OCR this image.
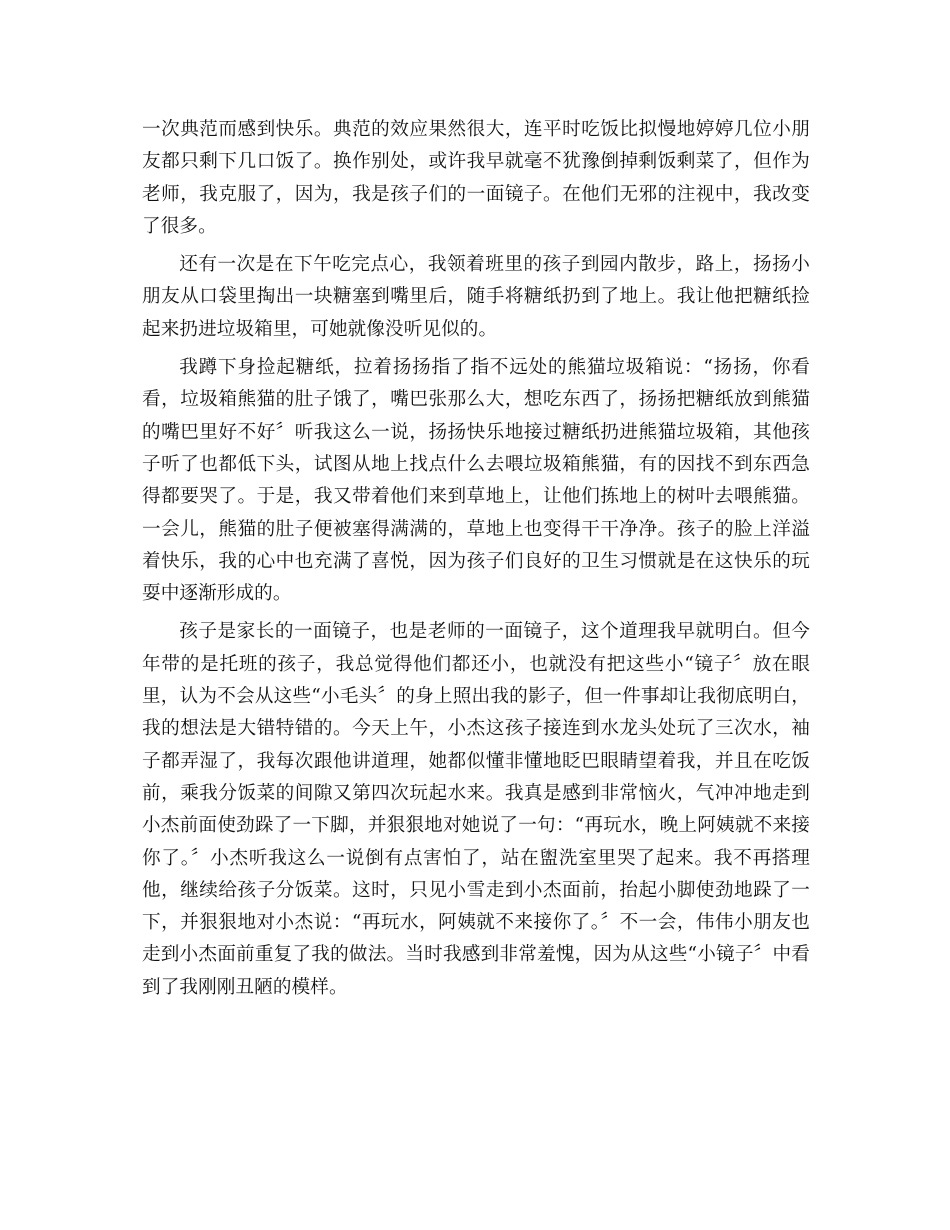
一次典范而感到快乐。典范的效应果然很大，连平时吃饭比拟慢地婷婷几位小朋友都只剩下几口饭了。换作别处，或许我早就毫不犹豫倒掉剩饭剩菜了，但作为老师，我克服了，因为，我是孩子们的一面镜子。在他们无邪的注视中，我改变了很多。

还有一次是在下午吃完点心，我领着班里的孩子到园内散步，路上，扬扬小朋友从口袋里掏出一块糖塞到嘴里后，随手将糖纸扔到了地上。我让他把糖纸捡起来扔进垃圾箱里，可她就像没听见似的。

我蹲下身捡起糖纸，拉着扬扬指了指不远处的熊猫垃圾箱说：“扬扬，你看看，垃圾箱熊猫的肚子饿了，嘴巴张那么大，想吃东西了，扬扬把糖纸放到熊猫的嘴巴里好不好〞听我这么一说，扬扬快乐地接过糖纸扔进熊猫垃圾箱，其他孩子听了也都低下头，试图从地上找点什么去喂垃圾箱熊猫，有的因找不到东西急得都要哭了。于是，我又带着他们来到草地上，让他们拣地上的树叶去喂熊猫。一会儿，熊猫的肚子便被塞得满满的，草地上也变得干干净净。孩子的脸上洋溢着快乐，我的心中也充满了喜悦，因为孩子们良好的卫生习惯就是在这快乐的玩耍中逐渐形成的。

孩子是家长的一面镜子，也是老师的一面镜子，这个道理我早就明白。但今年带的是托班的孩子，我总觉得他们都还小，也就没有把这些小“镜子〞放在眼里，认为不会从这些“小毛头〞的身上照出我的影子，但一件事却让我彻底明白，我的想法是大错特错的。今天上午，小杰这孩子接连到水龙头处玩了三次水，袖子都弄湿了，我每次跟他讲道理，她都似懂非懂地眨巴眼睛望着我，并且在吃饭前，乘我分饭菜的间隙又第四次玩起水来。我真是感到非常恼火，气冲冲地走到小杰前面使劲跺了一下脚，并狠狠地对她说了一句：“再玩水，晚上阿姨就不来接你了。〞小杰听我这么一说倒有点害怕了，站在盥洗室里哭了起来。我不再搭理他，继续给孩子分饭菜。这时，只见小雪走到小杰面前，抬起小脚使劲地跺了一下，并狠狠地对小杰说：“再玩水，阿姨就不来接你了。〞不一会，伟伟小朋友也走到小杰面前重复了我的做法。当时我感到非常羞愧，因为从这些“小镜子〞中看到了我刚刚丑陋的模样。
